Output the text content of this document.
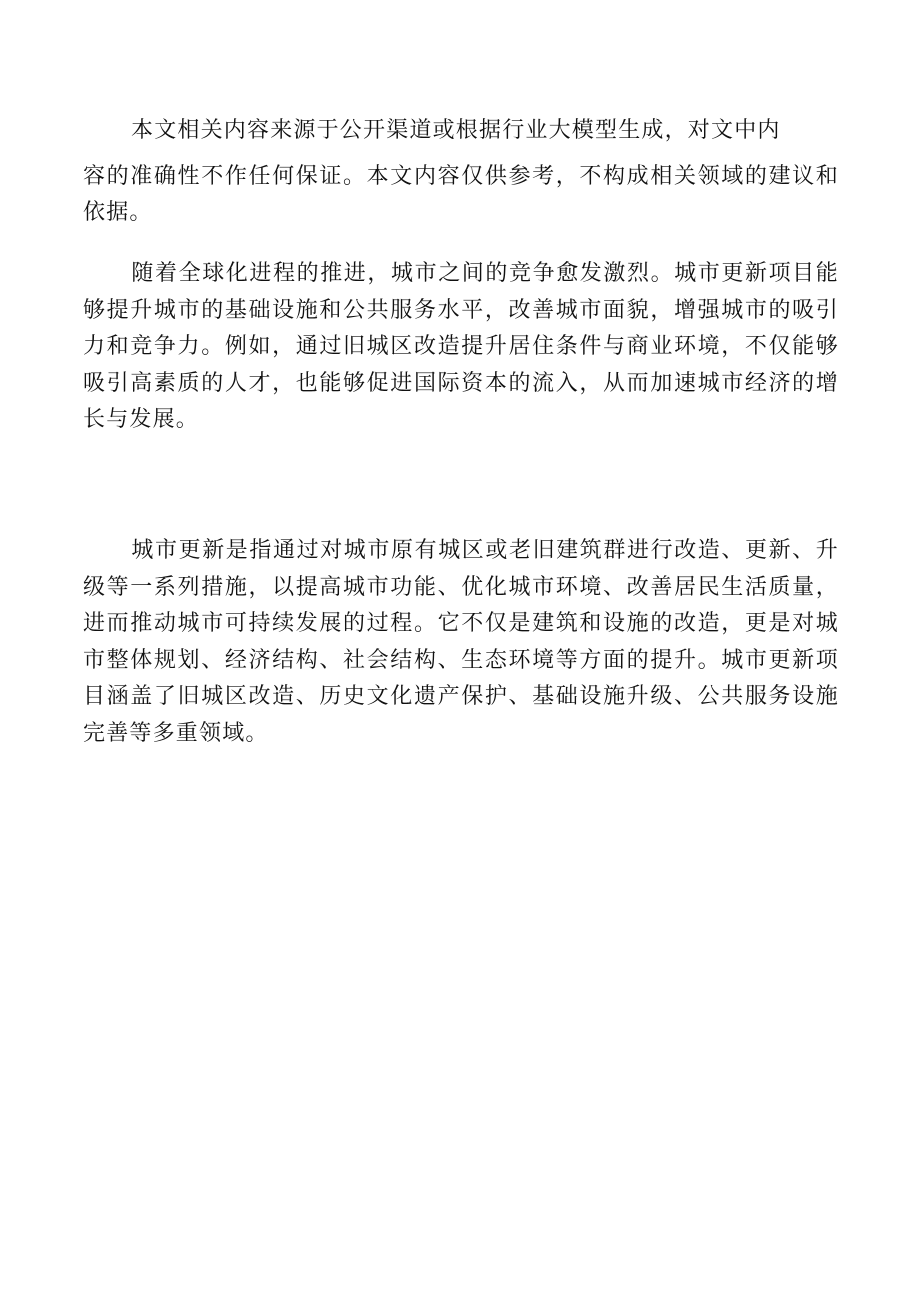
本文相关内容来源于公开渠道或根据行业大模型生成，对文中内
容的准确性不作任何保证。本文内容仅供参考，不构成相关领域的建议和依据。

随着全球化进程的推进，城市之间的竞争愈发激烈。城市更新项目能够提升城市的基础设施和公共服务水平，改善城市面貌，增强城市的吸引力和竞争力。例如，通过旧城区改造提升居住条件与商业环境，不仅能够吸引高素质的人才，也能够促进国际资本的流入，从而加速城市经济的增长与发展。

城市更新是指通过对城市原有城区或老旧建筑群进行改造、更新、升级等一系列措施，以提高城市功能、优化城市环境、改善居民生活质量，进而推动城市可持续发展的过程。它不仅是建筑和设施的改造，更是对城市整体规划、经济结构、社会结构、生态环境等方面的提升。城市更新项目涵盖了旧城区改造、历史文化遗产保护、基础设施升级、公共服务设施完善等多重领域。
